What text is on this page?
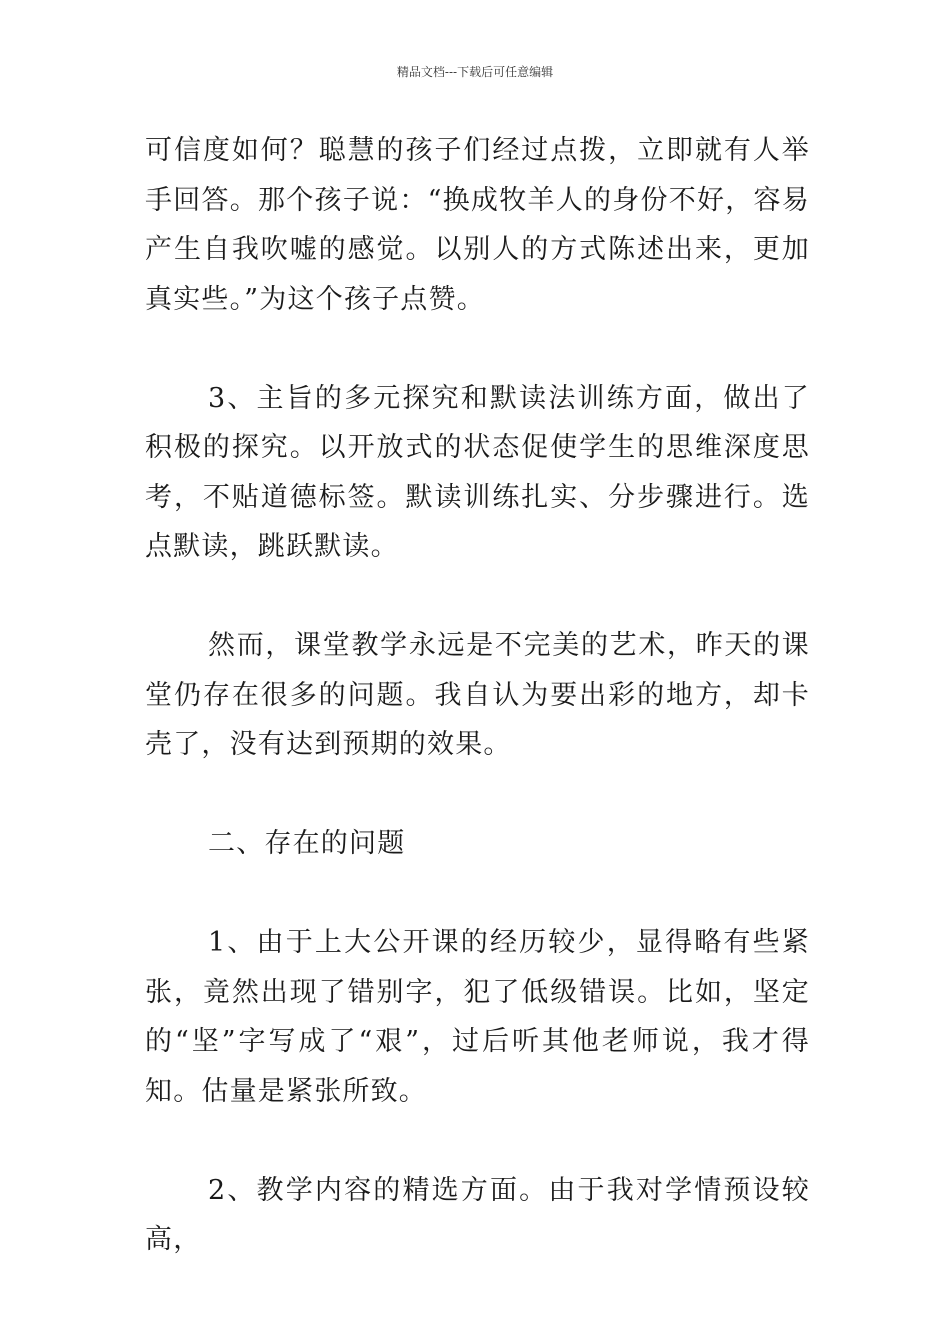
精品文档---下载后可任意编辑

可信度如何？聪慧的孩子们经过点拨，立即就有人举手回答。那个孩子说：“换成牧羊人的身份不好，容易产生自我吹嘘的感觉。以别人的方式陈述出来，更加真实些。”为这个孩子点赞。

3、主旨的多元探究和默读法训练方面，做出了积极的探究。以开放式的状态促使学生的思维深度思考，不贴道德标签。默读训练扎实、分步骤进行。选点默读，跳跃默读。

然而，课堂教学永远是不完美的艺术，昨天的课堂仍存在很多的问题。我自认为要出彩的地方，却卡壳了，没有达到预期的效果。

二、存在的问题

1、由于上大公开课的经历较少，显得略有些紧张，竟然出现了错别字，犯了低级错误。比如，坚定的“坚”字写成了“艰”，过后听其他老师说，我才得知。估量是紧张所致。

2、教学内容的精选方面。由于我对学情预设较高，
